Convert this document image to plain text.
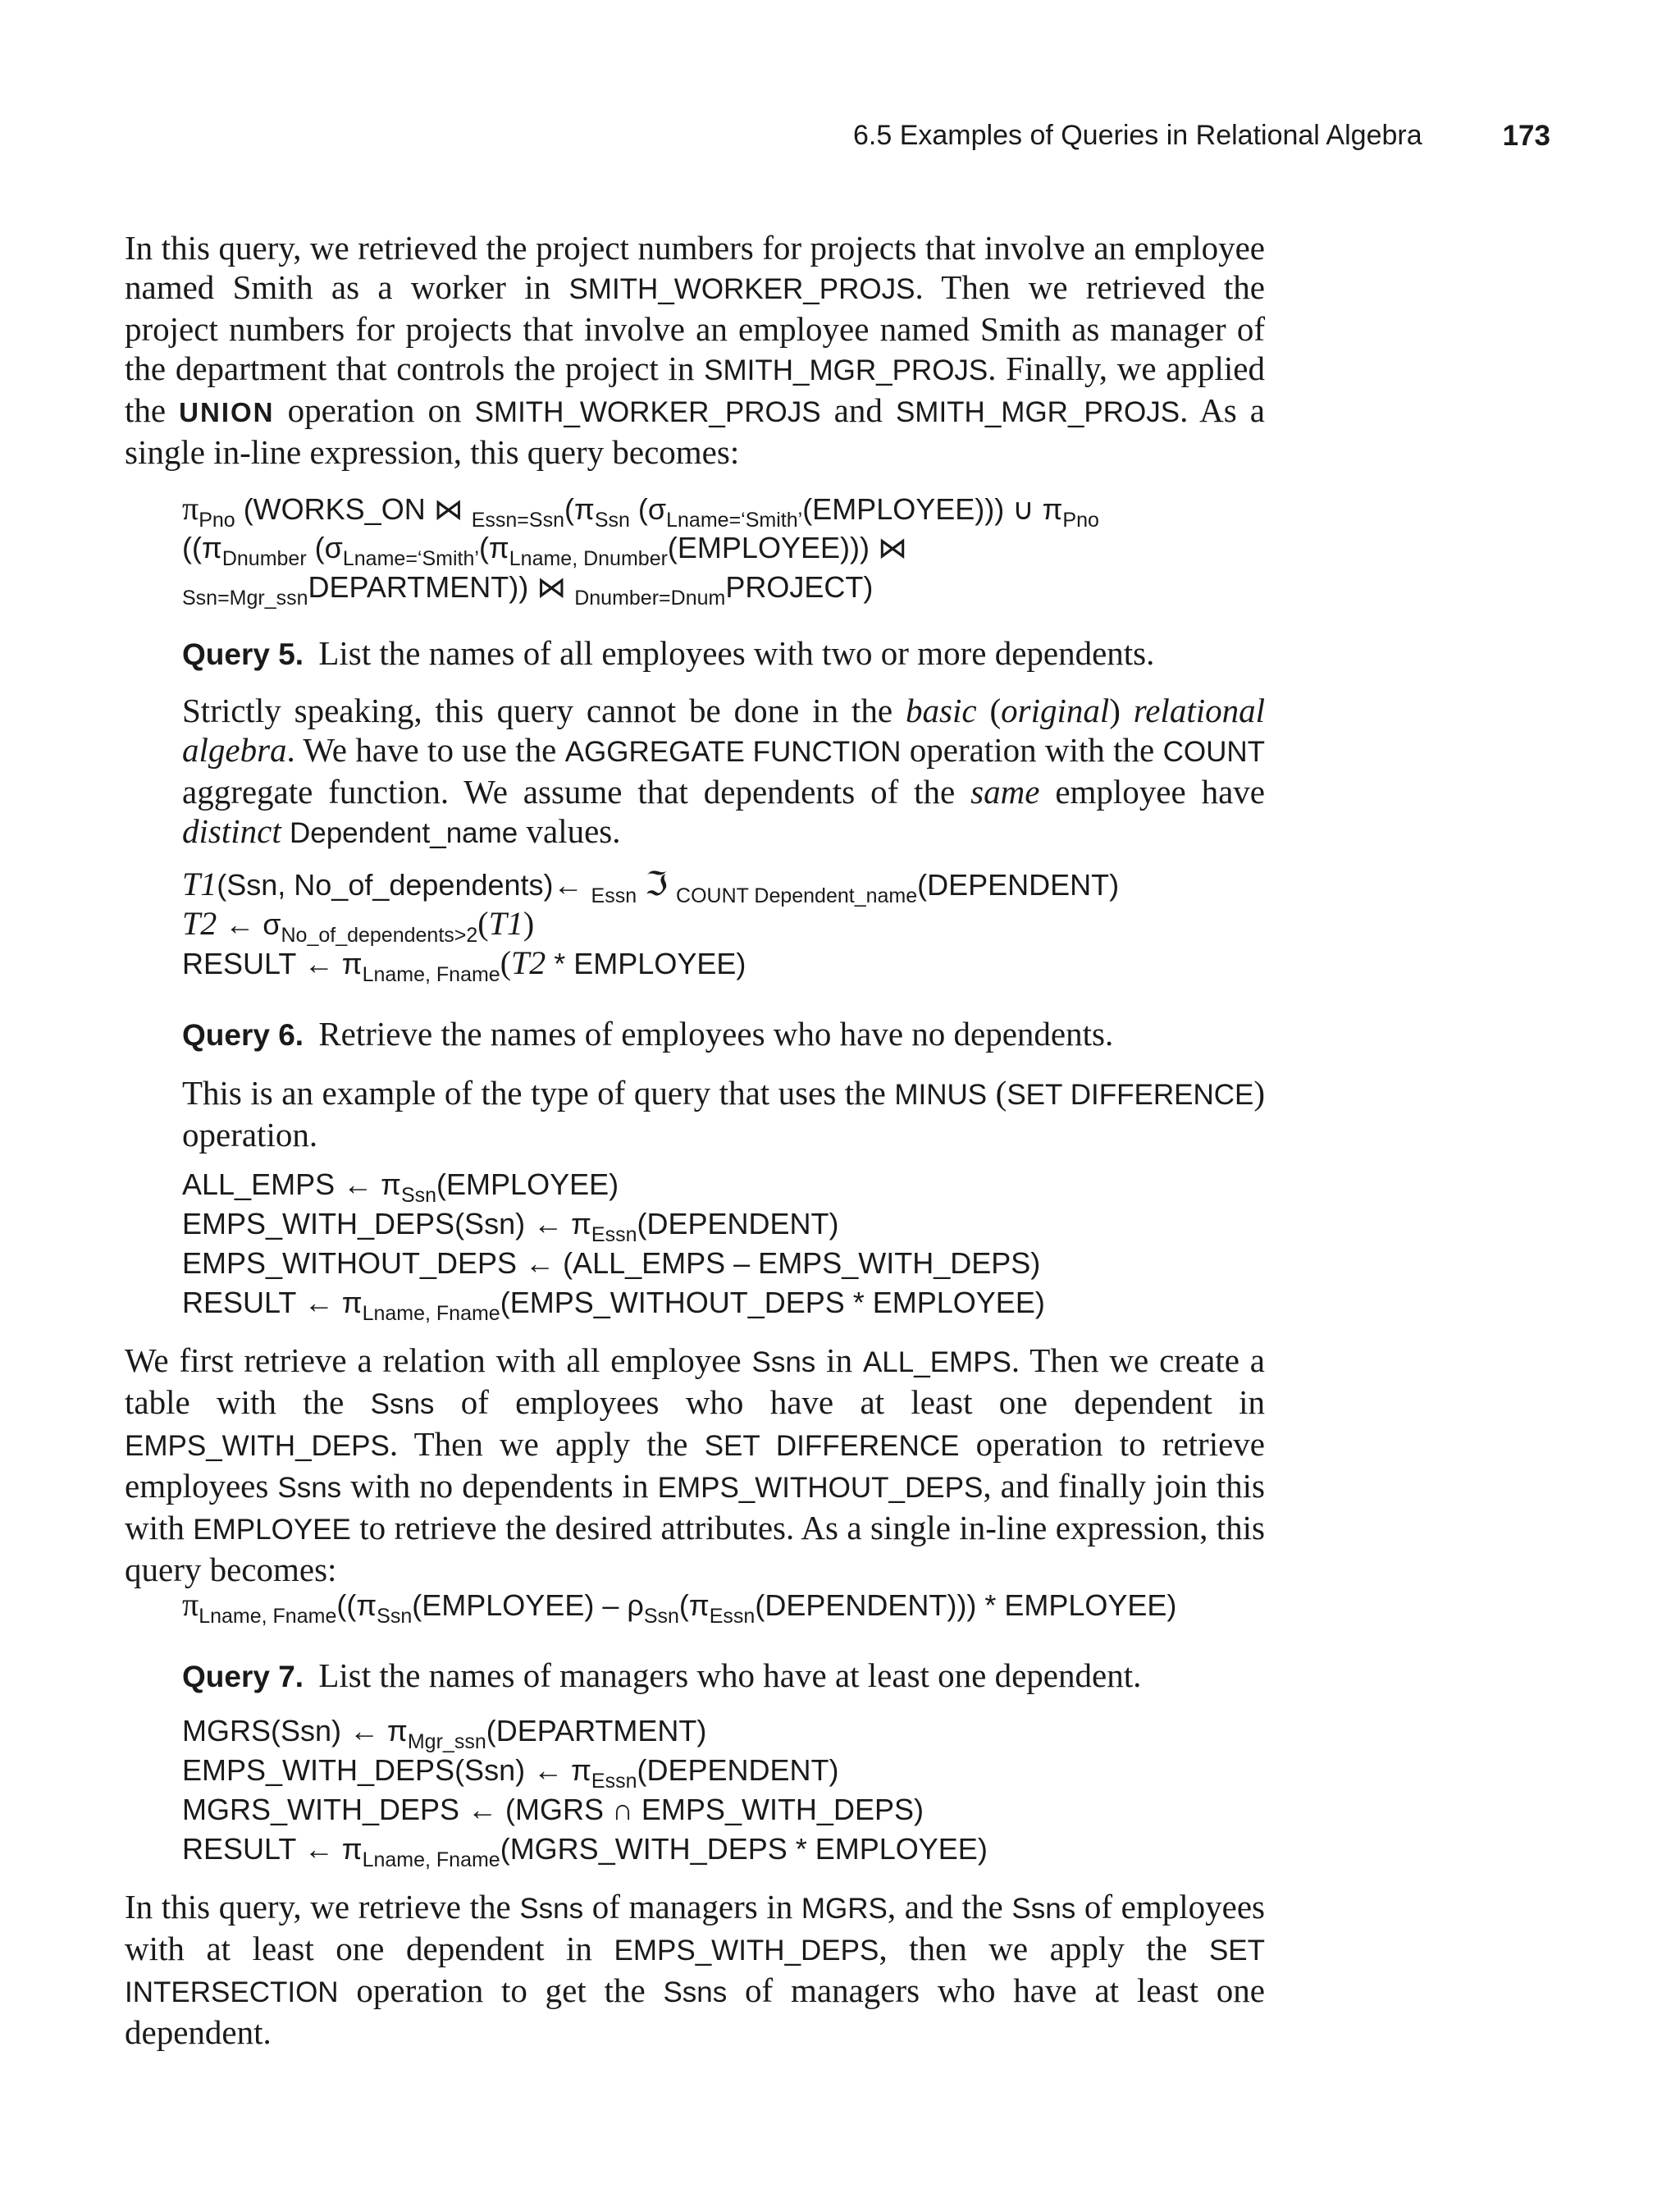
6.5 Examples of Queries in Relational Algebra	173
In this query, we retrieved the project numbers for projects that involve an employee named Smith as a worker in SMITH_WORKER_PROJS. Then we retrieved the project numbers for projects that involve an employee named Smith as manager of the department that controls the project in SMITH_MGR_PROJS. Finally, we applied the UNION operation on SMITH_WORKER_PROJS and SMITH_MGR_PROJS. As a single in-line expression, this query becomes:
$\pi_{Pno}$ (WORKS_ON ⋈ $_{Essn=Ssn}(\pi_{Ssn}$ $(\sigma_{Lname=‘Smith’}(EMPLOYEE))$) ∪ $\pi_{Pno}$
(($\pi_{Dnumber}$ $(\sigma_{Lname=‘Smith’}(\pi_{Lname, Dnumber}(EMPLOYEE)))$ ⋈
$_{Ssn=Mgr\_ssn}$DEPARTMENT)) ⋈ $_{Dnumber=Dnum}$PROJECT)
Query 5. List the names of all employees with two or more dependents.
Strictly speaking, this query cannot be done in the basic (original) relational algebra. We have to use the AGGREGATE FUNCTION operation with the COUNT aggregate function. We assume that dependents of the same employee have distinct Dependent_name values.
T1(Ssn, No_of_dependents)← $_{Essn}$ ℑ $_{COUNT Dependent\_name}$(DEPENDENT)
T2 ← $\sigma_{No\_of\_dependents>2}(T1)$
RESULT ← $\pi_{Lname, Fname}(T2$ * EMPLOYEE)
Query 6. Retrieve the names of employees who have no dependents.
This is an example of the type of query that uses the MINUS (SET DIFFERENCE) operation.
ALL_EMPS ← $\pi_{Ssn}(EMPLOYEE)$
EMPS_WITH_DEPS(Ssn) ← $\pi_{Essn}(DEPENDENT)$
EMPS_WITHOUT_DEPS ← (ALL_EMPS – EMPS_WITH_DEPS)
RESULT ← $\pi_{Lname, Fname}(EMPS\_WITHOUT\_DEPS$ * EMPLOYEE)
We first retrieve a relation with all employee Ssns in ALL_EMPS. Then we create a table with the Ssns of employees who have at least one dependent in EMPS_WITH_DEPS. Then we apply the SET DIFFERENCE operation to retrieve employees Ssns with no dependents in EMPS_WITHOUT_DEPS, and finally join this with EMPLOYEE to retrieve the desired attributes. As a single in-line expression, this query becomes:
$\pi_{Lname, Fname}((\pi_{Ssn}(EMPLOYEE)$ – $\rho_{Ssn}(\pi_{Essn}(DEPENDENT))$) * EMPLOYEE)
Query 7. List the names of managers who have at least one dependent.
MGRS(Ssn) ← $\pi_{Mgr\_ssn}(DEPARTMENT)$
EMPS_WITH_DEPS(Ssn) ← $\pi_{Essn}(DEPENDENT)$
MGRS_WITH_DEPS ← (MGRS ∩ EMPS_WITH_DEPS)
RESULT ← $\pi_{Lname, Fname}(MGRS\_WITH\_DEPS$ * EMPLOYEE)
In this query, we retrieve the Ssns of managers in MGRS, and the Ssns of employees with at least one dependent in EMPS_WITH_DEPS, then we apply the SET INTERSECTION operation to get the Ssns of managers who have at least one dependent.
